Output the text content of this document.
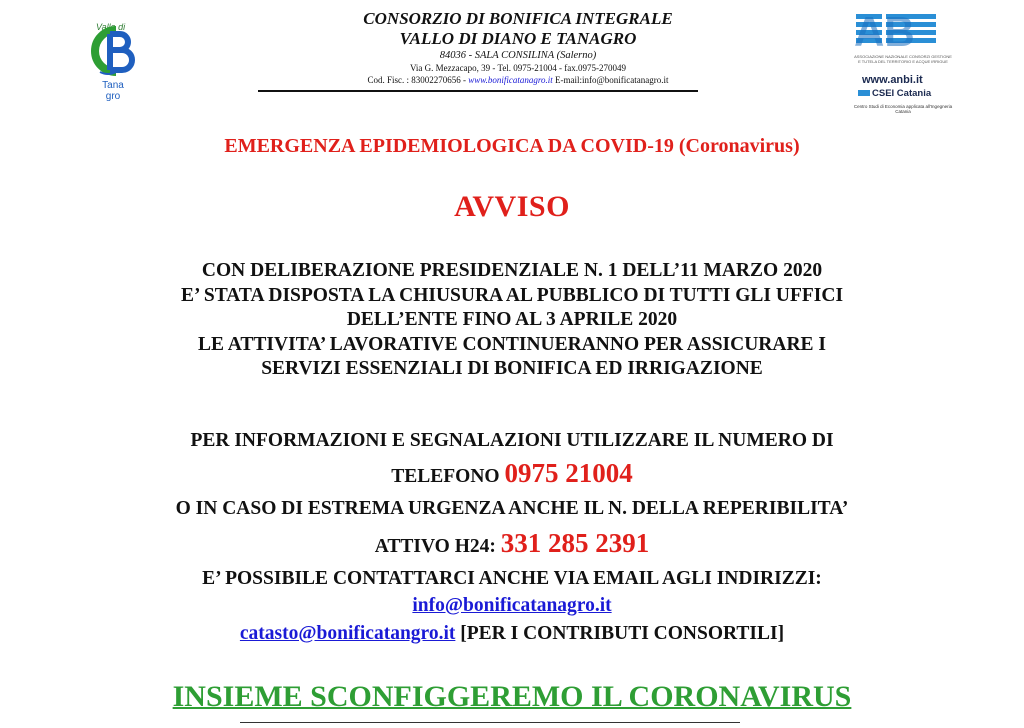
Vallo di
Tana
gro
CONSORZIO DI BONIFICA INTEGRALE
VALLO DI DIANO E TANAGRO
84036 - SALA CONSILINA (Salerno)
Via G. Mezzacapo, 39 - Tel. 0975-21004 - fax.0975-270049
Cod. Fisc. : 83002270656 - www.bonificatanagro.it E-mail:info@bonificatanagro.it
AB
ASSOCIAZIONE NAZIONALE CONSORZI GESTIONE E TUTELA DEL TERRITORIO E ACQUE IRRIGUE
www.anbi.it
CSEI Catania
Centro Studi di Economia applicata all'Ingegneria Catania
EMERGENZA EPIDEMIOLOGICA DA COVID-19 (Coronavirus)
AVVISO
CON DELIBERAZIONE PRESIDENZIALE N. 1 DELL’11 MARZO 2020
E’ STATA DISPOSTA LA CHIUSURA AL PUBBLICO DI TUTTI GLI UFFICI
DELL’ENTE FINO AL 3 APRILE 2020
LE ATTIVITA’ LAVORATIVE CONTINUERANNO PER ASSICURARE I
SERVIZI ESSENZIALI DI BONIFICA ED IRRIGAZIONE
PER INFORMAZIONI E SEGNALAZIONI UTILIZZARE IL NUMERO DI
TELEFONO 0975 21004
O IN CASO DI ESTREMA URGENZA ANCHE IL N. DELLA REPERIBILITA’
ATTIVO H24: 331 285 2391
E’ POSSIBILE CONTATTARCI ANCHE VIA EMAIL AGLI INDIRIZZI:
info@bonificatanagro.it
catasto@bonificatangro.it [PER I CONTRIBUTI CONSORTILI]
INSIEME SCONFIGGEREMO IL CORONAVIRUS
